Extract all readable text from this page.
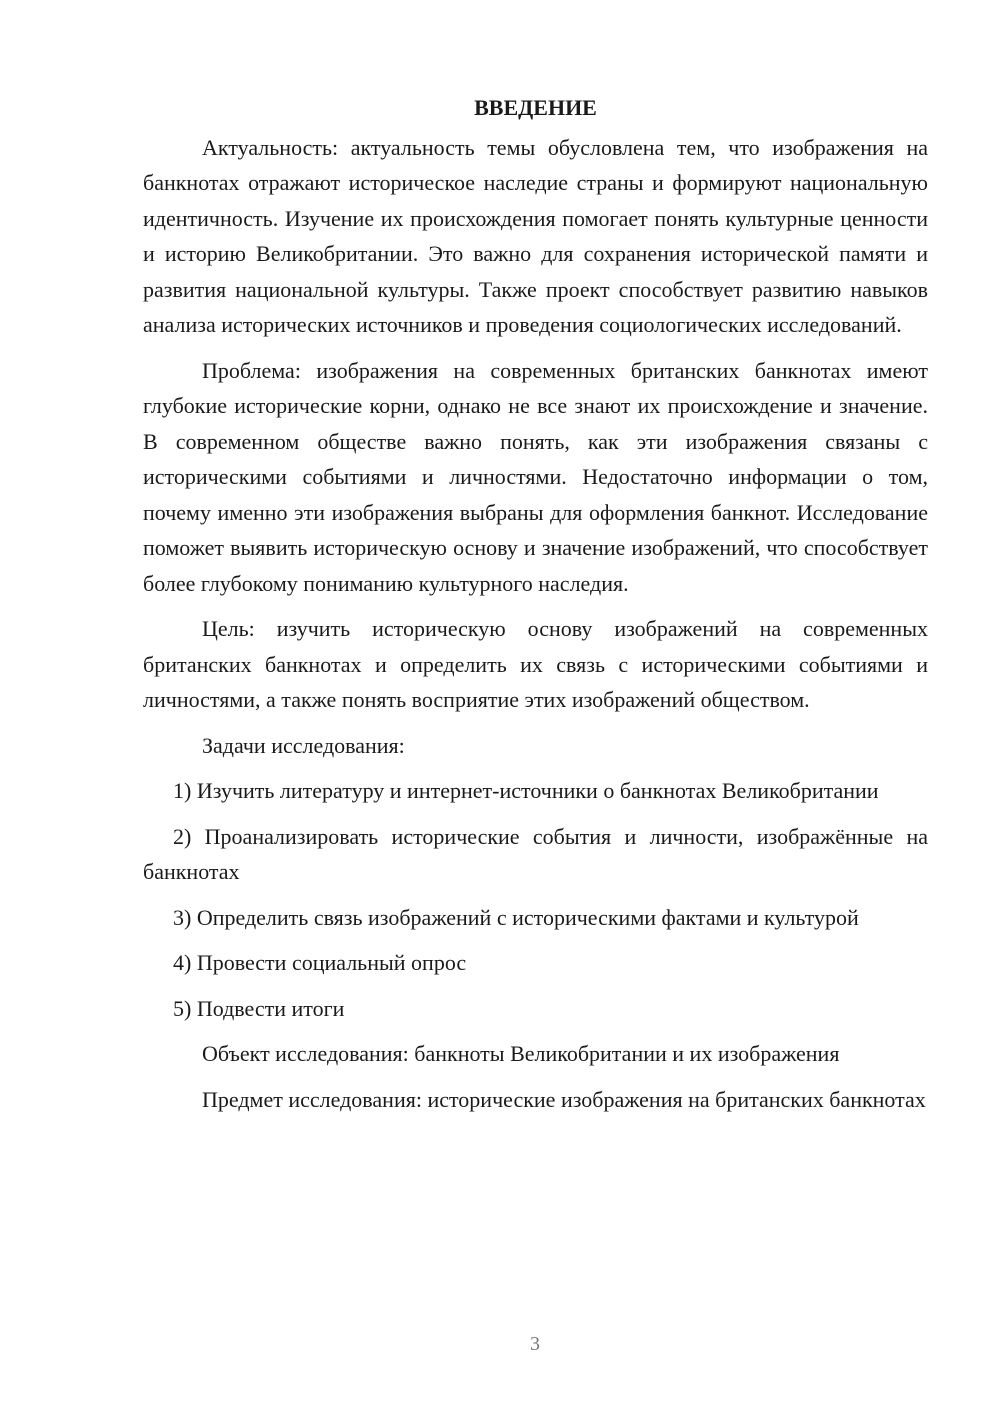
ВВЕДЕНИЕ

Актуальность: актуальность темы обусловлена тем, что изображения на банкнотах отражают историческое наследие страны и формируют национальную идентичность. Изучение их происхождения помогает понять культурные ценности и историю Великобритании. Это важно для сохранения исторической памяти и развития национальной культуры. Также проект способствует развитию навыков анализа исторических источников и проведения социологических исследований.

Проблема: изображения на современных британских банкнотах имеют глубокие исторические корни, однако не все знают их происхождение и значение. В современном обществе важно понять, как эти изображения связаны с историческими событиями и личностями. Недостаточно информации о том, почему именно эти изображения выбраны для оформления банкнот. Исследование поможет выявить историческую основу и значение изображений, что способствует более глубокому пониманию культурного наследия.

Цель: изучить историческую основу изображений на современных британских банкнотах и определить их связь с историческими событиями и личностями, а также понять восприятие этих изображений обществом.

Задачи исследования:

1) Изучить литературу и интернет-источники о банкнотах Великобритании

2) Проанализировать исторические события и личности, изображённые на банкнотах

3) Определить связь изображений с историческими фактами и культурой

4) Провести социальный опрос

5) Подвести итоги

Объект исследования: банкноты Великобритании и их изображения

Предмет исследования: исторические изображения на британских банкнотах

3
